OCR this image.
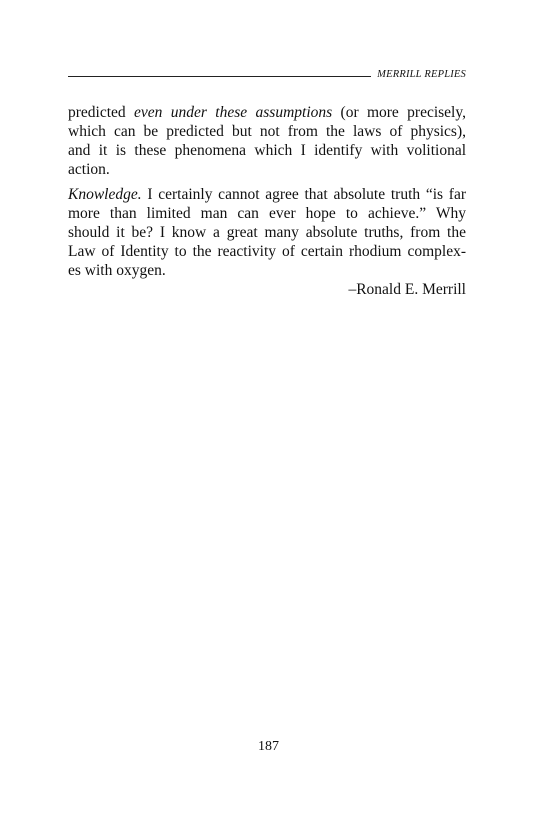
MERRILL REPLIES
predicted even under these assumptions (or more precisely,
which can be predicted but not from the laws of physics),
and it is these phenomena which I identify with volitional
action.
Knowledge. I certainly cannot agree that absolute truth “is far
more than limited man can ever hope to achieve.” Why
should it be? I know a great many absolute truths, from the
Law of Identity to the reactivity of certain rhodium complex-
es with oxygen.
–Ronald E. Merrill
187
